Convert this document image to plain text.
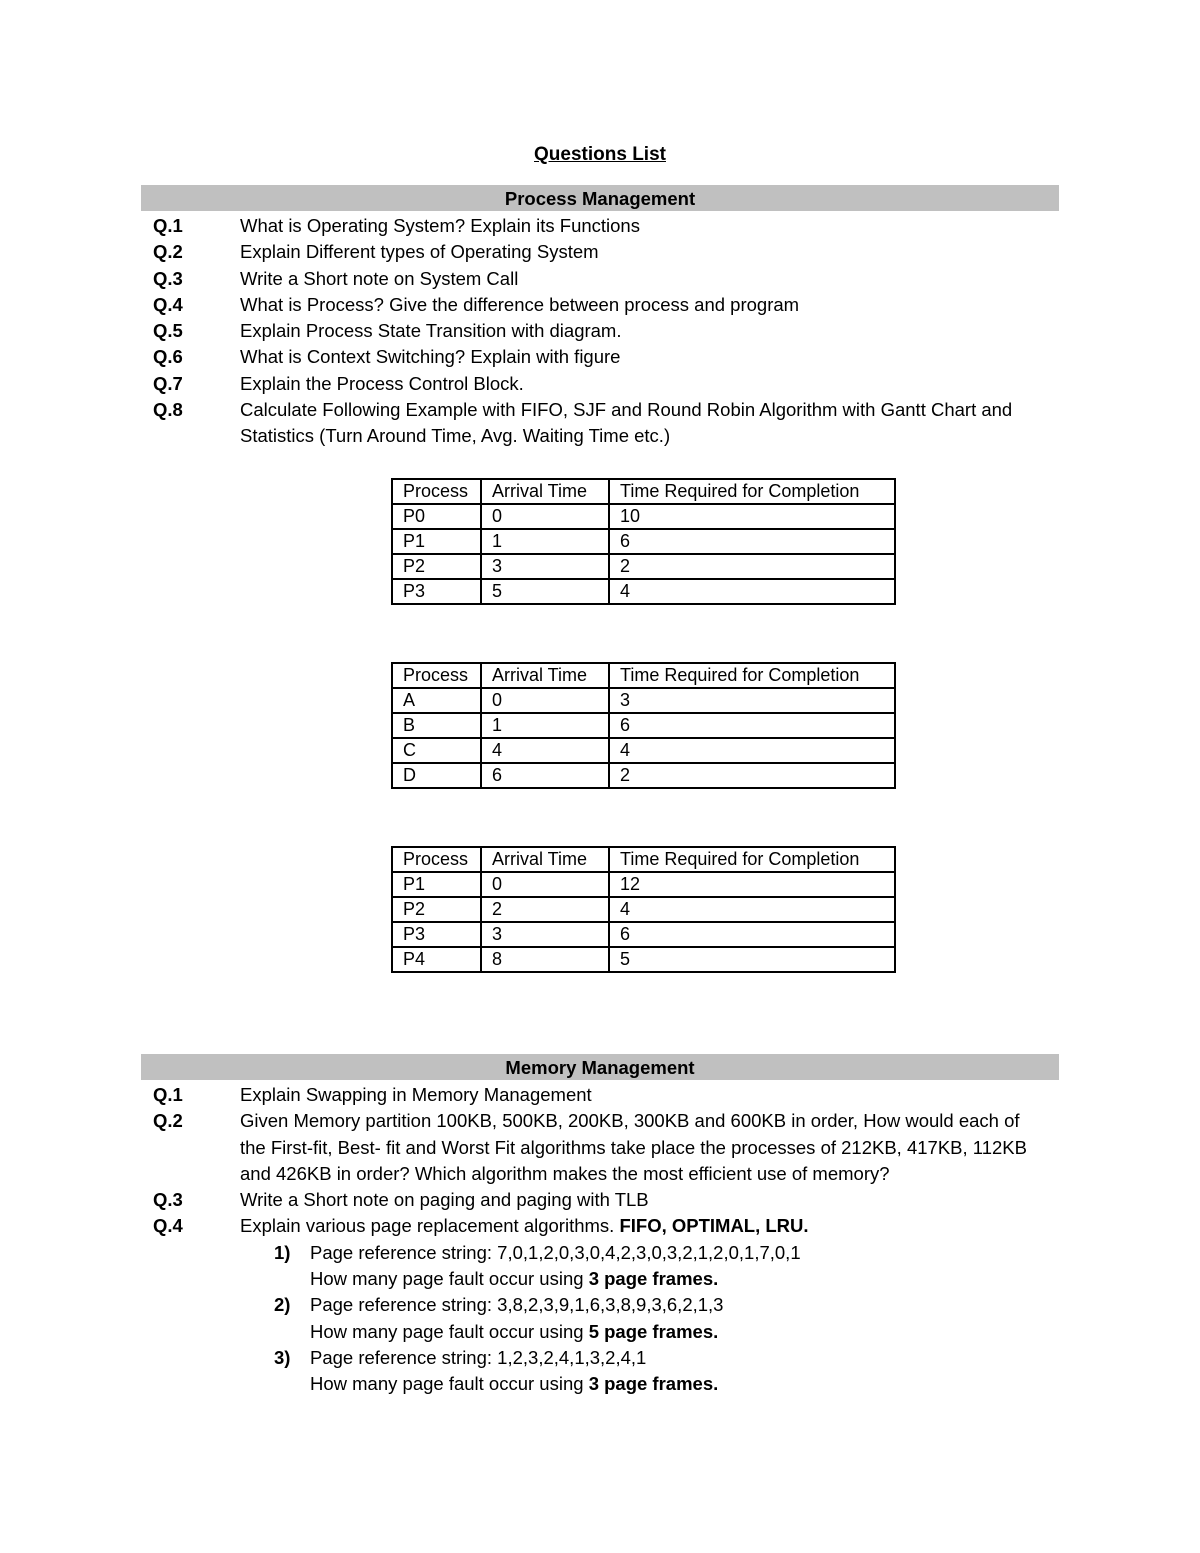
Questions List
Process Management
Q.1	What is Operating System? Explain its Functions
Q.2	Explain Different types of Operating System
Q.3	Write a Short note on System Call
Q.4	What is Process? Give the difference between process and program
Q.5	Explain Process State Transition with diagram.
Q.6	What is Context Switching? Explain with figure
Q.7	Explain the Process Control Block.
Q.8	Calculate Following Example with FIFO, SJF and Round Robin Algorithm with Gantt Chart and Statistics (Turn Around Time, Avg. Waiting Time etc.)
Process	Arrival Time	Time Required for Completion
P0	0	10
P1	1	6
P2	3	2
P3	5	4
Process	Arrival Time	Time Required for Completion
A	0	3
B	1	6
C	4	4
D	6	2
Process	Arrival Time	Time Required for Completion
P1	0	12
P2	2	4
P3	3	6
P4	8	5
Memory Management
Q.1	Explain Swapping in Memory Management
Q.2	Given Memory partition 100KB, 500KB, 200KB, 300KB and 600KB in order, How would each of the First-fit, Best- fit and Worst Fit algorithms take place the processes of 212KB, 417KB, 112KB and 426KB in order? Which algorithm makes the most efficient use of memory?
Q.3	Write a Short note on paging and paging with TLB
Q.4	Explain various page replacement algorithms. FIFO, OPTIMAL, LRU.
1) Page reference string: 7,0,1,2,0,3,0,4,2,3,0,3,2,1,2,0,1,7,0,1
How many page fault occur using 3 page frames.
2) Page reference string: 3,8,2,3,9,1,6,3,8,9,3,6,2,1,3
How many page fault occur using 5 page frames.
3) Page reference string: 1,2,3,2,4,1,3,2,4,1
How many page fault occur using 3 page frames.
